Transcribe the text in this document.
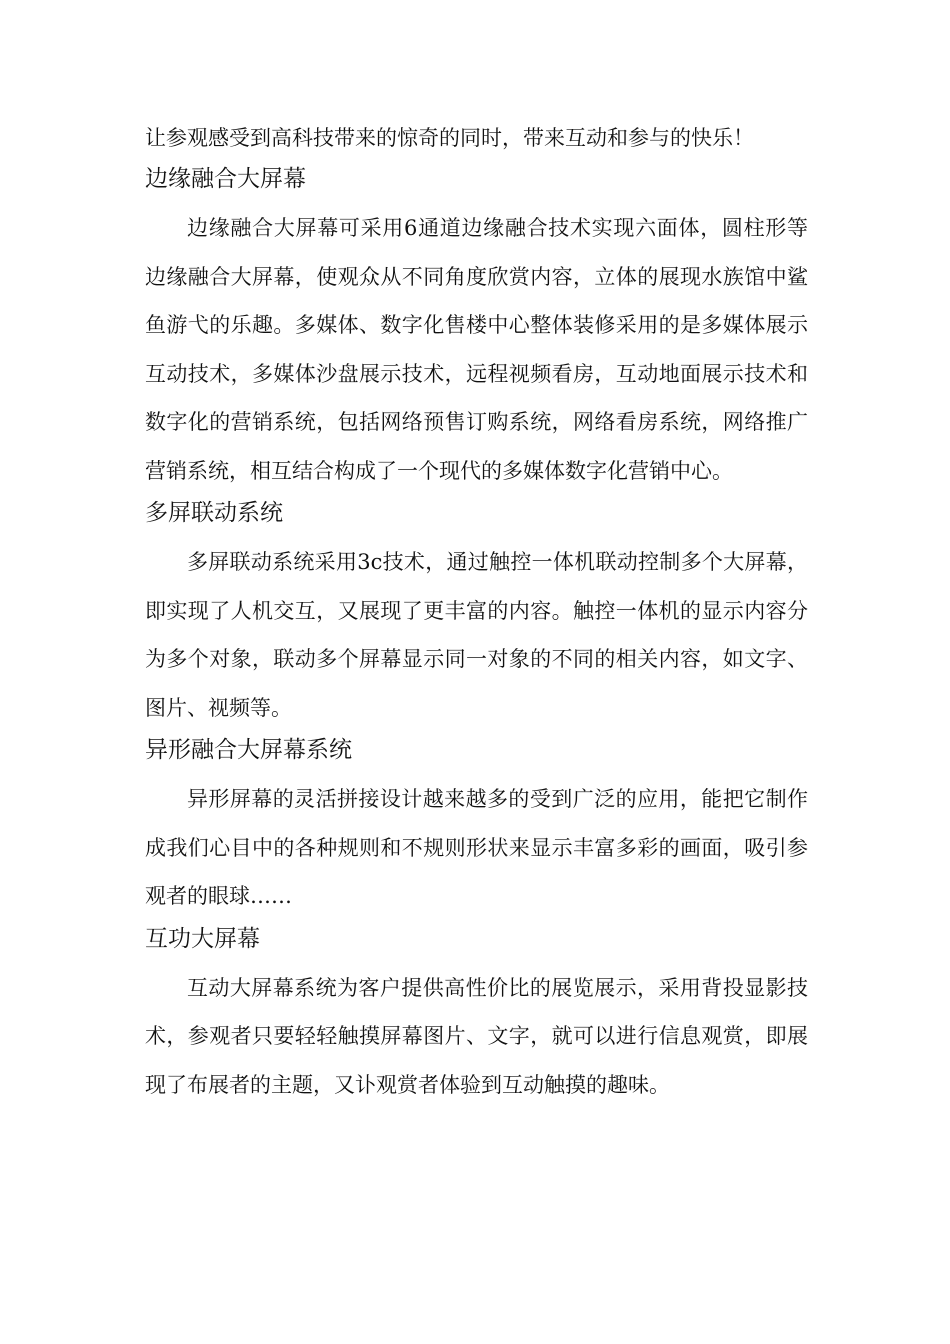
让参观感受到高科技带来的惊奇的同时，带来互动和参与的快乐！

边缘融合大屏幕

边缘融合大屏幕可采用6通道边缘融合技术实现六面体，圆柱形等边缘融合大屏幕，使观众从不同角度欣赏内容，立体的展现水族馆中鲨鱼游弋的乐趣。多媒体、数字化售楼中心整体装修采用的是多媒体展示互动技术，多媒体沙盘展示技术，远程视频看房，互动地面展示技术和数字化的营销系统，包括网络预售订购系统，网络看房系统，网络推广营销系统，相互结合构成了一个现代的多媒体数字化营销中心。

多屏联动系统

多屏联动系统采用3c技术，通过触控一体机联动控制多个大屏幕，即实现了人机交互，又展现了更丰富的内容。触控一体机的显示内容分为多个对象，联动多个屏幕显示同一对象的不同的相关内容，如文字、图片、视频等。

异形融合大屏幕系统

异形屏幕的灵活拼接设计越来越多的受到广泛的应用，能把它制作成我们心目中的各种规则和不规则形状来显示丰富多彩的画面，吸引参观者的眼球……

互功大屏幕

互动大屏幕系统为客户提供高性价比的展览展示，采用背投显影技术，参观者只要轻轻触摸屏幕图片、文字，就可以进行信息观赏，即展现了布展者的主题，又讣观赏者体验到互动触摸的趣味。
